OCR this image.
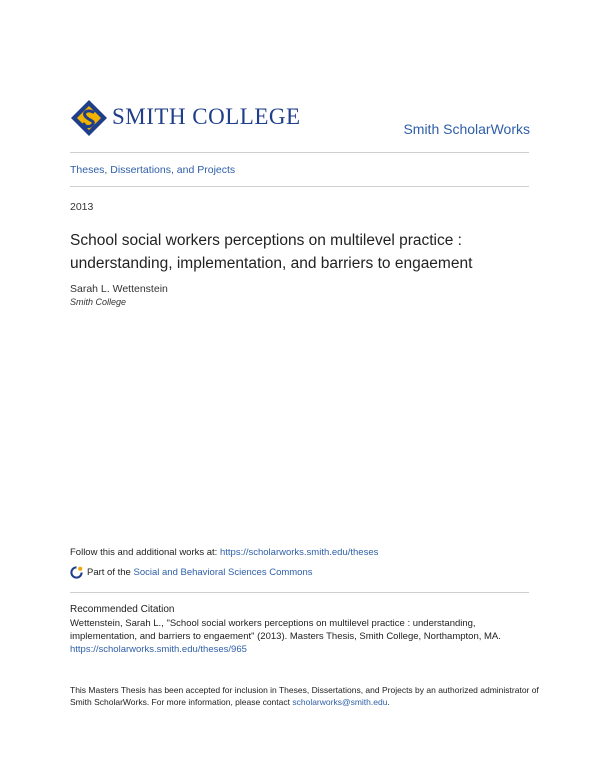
SMITH COLLEGE	Smith ScholarWorks
Theses, Dissertations, and Projects
2013
School social workers perceptions on multilevel practice : understanding, implementation, and barriers to engaement
Sarah L. Wettenstein
Smith College
Follow this and additional works at: https://scholarworks.smith.edu/theses
Part of the
Social and Behavioral Sciences Commons
Recommended Citation
Wettenstein, Sarah L., "School social workers perceptions on multilevel practice : understanding, implementation, and barriers to engaement" (2013). Masters Thesis, Smith College, Northampton, MA.
https://scholarworks.smith.edu/theses/965
This Masters Thesis has been accepted for inclusion in Theses, Dissertations, and Projects by an authorized administrator of Smith ScholarWorks. For more information, please contact scholarworks@smith.edu.
